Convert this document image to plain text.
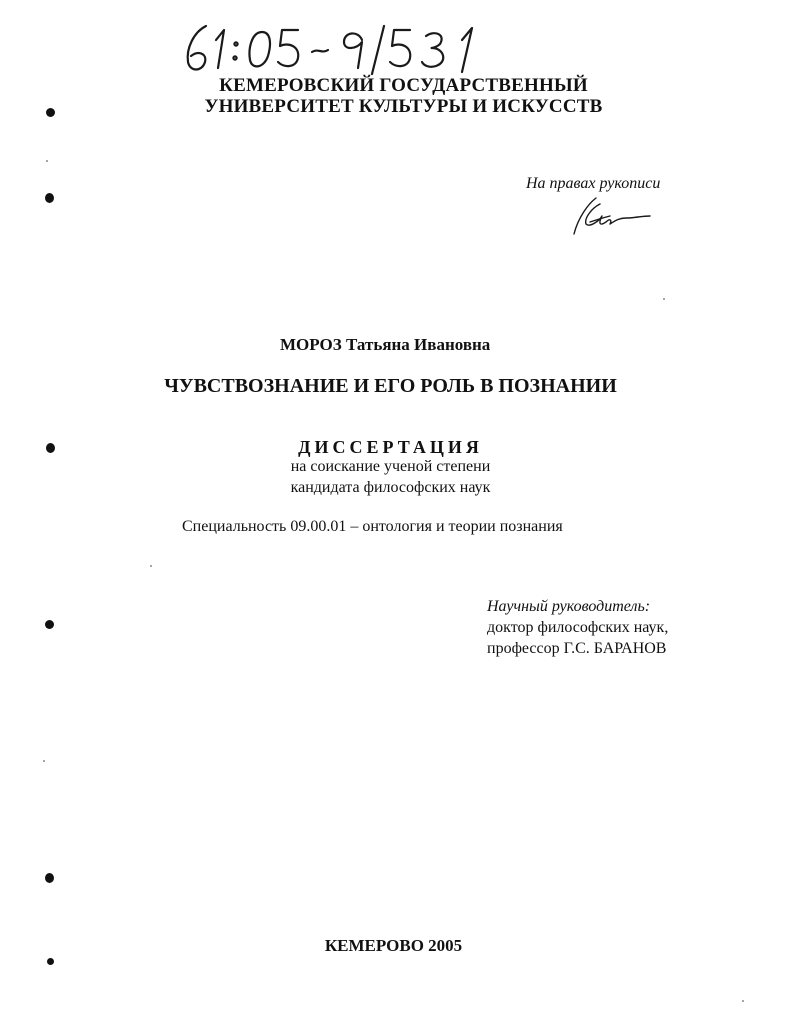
КЕМЕРОВСКИЙ ГОСУДАРСТВЕННЫЙ
УНИВЕРСИТЕТ КУЛЬТУРЫ И ИСКУССТВ
На правах рукописи
МОРОЗ Татьяна Ивановна
ЧУВСТВОЗНАНИЕ И ЕГО РОЛЬ В ПОЗНАНИИ
ДИССЕРТАЦИЯ
на соискание ученой степени
кандидата философских наук
Специальность 09.00.01 – онтология и теории познания
Научный руководитель:
доктор философских наук,
профессор Г.С. БАРАНОВ
КЕМЕРОВО 2005
